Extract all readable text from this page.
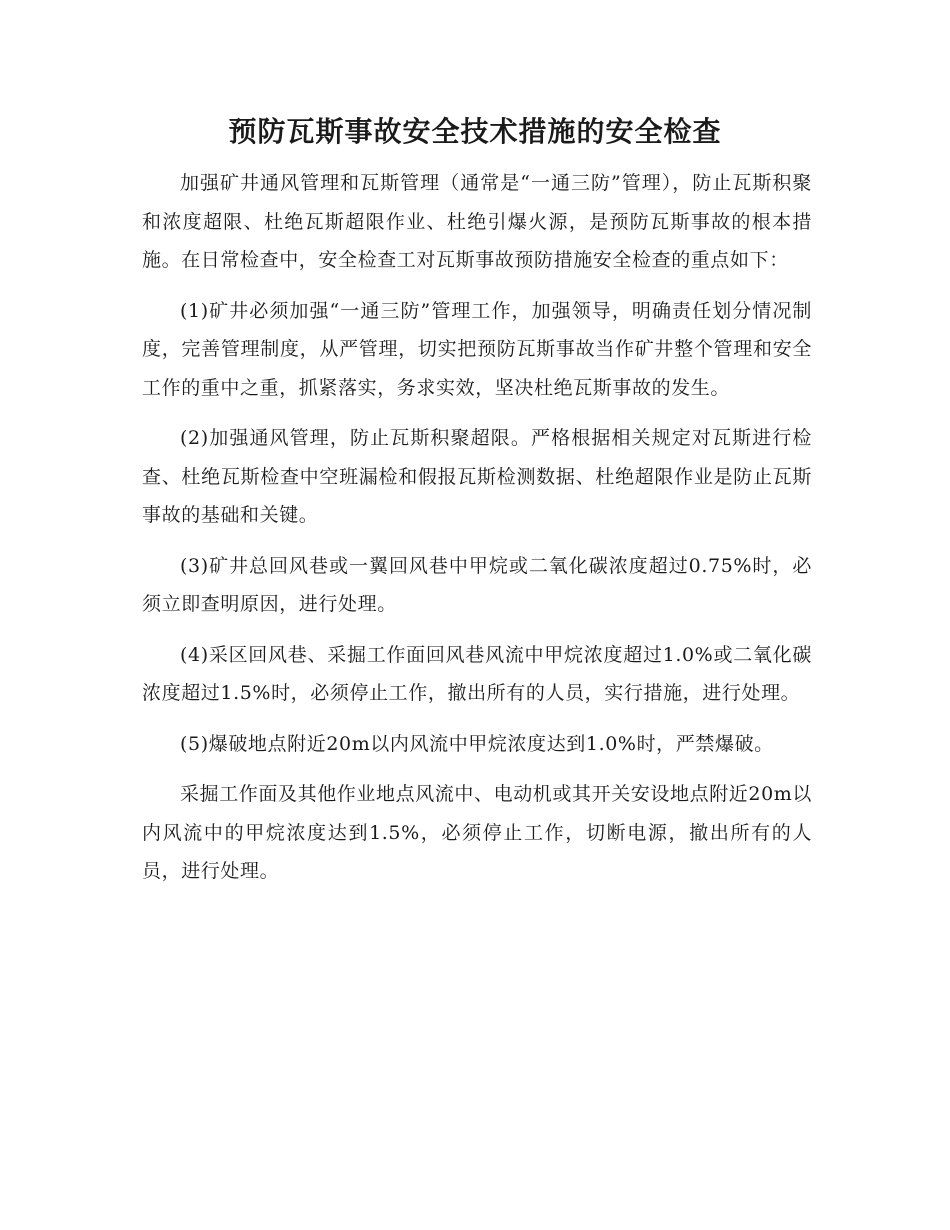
预防瓦斯事故安全技术措施的安全检查

加强矿井通风管理和瓦斯管理（通常是“一通三防”管理），防止瓦斯积聚和浓度超限、杜绝瓦斯超限作业、杜绝引爆火源，是预防瓦斯事故的根本措施。在日常检查中，安全检查工对瓦斯事故预防措施安全检查的重点如下：

(1)矿井必须加强“一通三防”管理工作，加强领导，明确责任划分情况制度，完善管理制度，从严管理，切实把预防瓦斯事故当作矿井整个管理和安全工作的重中之重，抓紧落实，务求实效，坚决杜绝瓦斯事故的发生。

(2)加强通风管理，防止瓦斯积聚超限。严格根据相关规定对瓦斯进行检查、杜绝瓦斯检查中空班漏检和假报瓦斯检测数据、杜绝超限作业是防止瓦斯事故的基础和关键。

(3)矿井总回风巷或一翼回风巷中甲烷或二氧化碳浓度超过0.75%时，必须立即查明原因，进行处理。

(4)采区回风巷、采掘工作面回风巷风流中甲烷浓度超过1.0%或二氧化碳浓度超过1.5%时，必须停止工作，撤出所有的人员，实行措施，进行处理。

(5)爆破地点附近20m以内风流中甲烷浓度达到1.0%时，严禁爆破。

采掘工作面及其他作业地点风流中、电动机或其开关安设地点附近20m以内风流中的甲烷浓度达到1.5%，必须停止工作，切断电源，撤出所有的人员，进行处理。
